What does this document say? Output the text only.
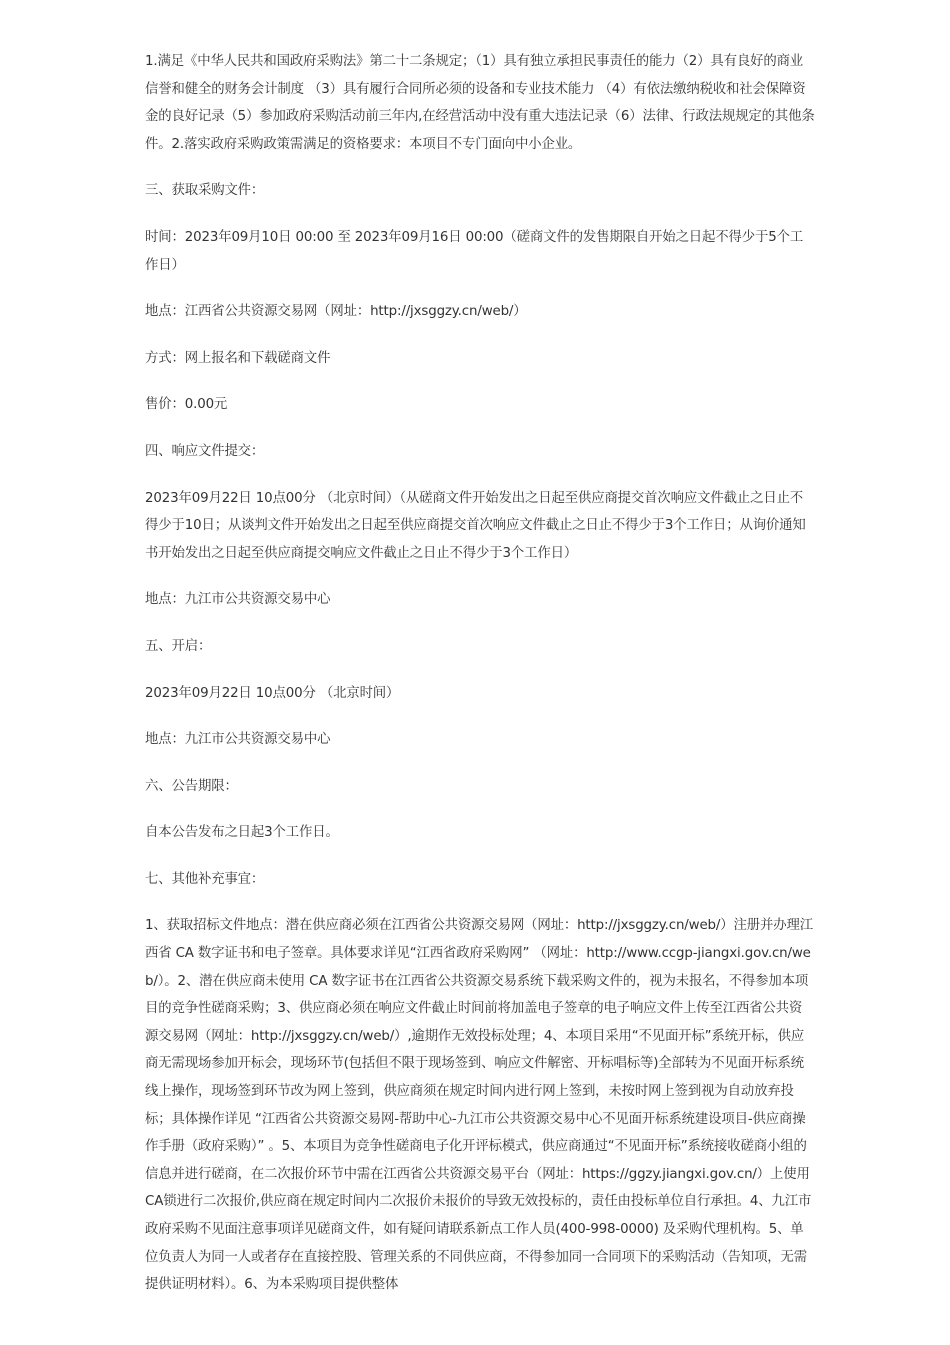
1.满足《中华人民共和国政府采购法》第二十二条规定；（1）具有独立承担民事责任的能力（2）具有良好的商业信誉和健全的财务会计制度 （3）具有履行合同所必须的设备和专业技术能力 （4）有依法缴纳税收和社会保障资金的良好记录（5）参加政府采购活动前三年内,在经营活动中没有重大违法记录（6）法律、行政法规规定的其他条件。2.落实政府采购政策需满足的资格要求：本项目不专门面向中小企业。

三、获取采购文件：

时间：2023年09月10日 00:00 至 2023年09月16日 00:00（磋商文件的发售期限自开始之日起不得少于5个工作日）

地点：江西省公共资源交易网（网址：http://jxsggzy.cn/web/）

方式：网上报名和下载磋商文件

售价：0.00元

四、响应文件提交：

2023年09月22日 10点00分 （北京时间）（从磋商文件开始发出之日起至供应商提交首次响应文件截止之日止不得少于10日；从谈判文件开始发出之日起至供应商提交首次响应文件截止之日止不得少于3个工作日；从询价通知书开始发出之日起至供应商提交响应文件截止之日止不得少于3个工作日）

地点：九江市公共资源交易中心

五、开启：

2023年09月22日 10点00分 （北京时间）

地点：九江市公共资源交易中心

六、公告期限：

自本公告发布之日起3个工作日。

七、其他补充事宜：

1、获取招标文件地点：潜在供应商必须在江西省公共资源交易网（网址：http://jxsggzy.cn/web/）注册并办理江西省 CA 数字证书和电子签章。具体要求详见“江西省政府采购网” （网址：http://www.ccgp-jiangxi.gov.cn/web/）。2、潜在供应商未使用 CA 数字证书在江西省公共资源交易系统下载采购文件的，视为未报名，不得参加本项目的竞争性磋商采购；3、供应商必须在响应文件截止时间前将加盖电子签章的电子响应文件上传至江西省公共资源交易网（网址：http://jxsggzy.cn/web/）,逾期作无效投标处理；4、本项目采用“不见面开标”系统开标，供应商无需现场参加开标会，现场环节(包括但不限于现场签到、响应文件解密、开标唱标等)全部转为不见面开标系统线上操作，现场签到环节改为网上签到，供应商须在规定时间内进行网上签到，未按时网上签到视为自动放弃投标；具体操作详见 “江西省公共资源交易网-帮助中心-九江市公共资源交易中心不见面开标系统建设项目-供应商操作手册（政府采购）” 。5、本项目为竞争性磋商电子化开评标模式，供应商通过“不见面开标”系统接收磋商小组的信息并进行磋商，在二次报价环节中需在江西省公共资源交易平台（网址：https://ggzy.jiangxi.gov.cn/）上使用CA锁进行二次报价,供应商在规定时间内二次报价未报价的导致无效投标的，责任由投标单位自行承担。4、九江市政府采购不见面注意事项详见磋商文件，如有疑问请联系新点工作人员(400-998-0000) 及采购代理机构。5、单位负责人为同一人或者存在直接控股、管理关系的不同供应商，不得参加同一合同项下的采购活动（告知项，无需提供证明材料）。6、为本采购项目提供整体
